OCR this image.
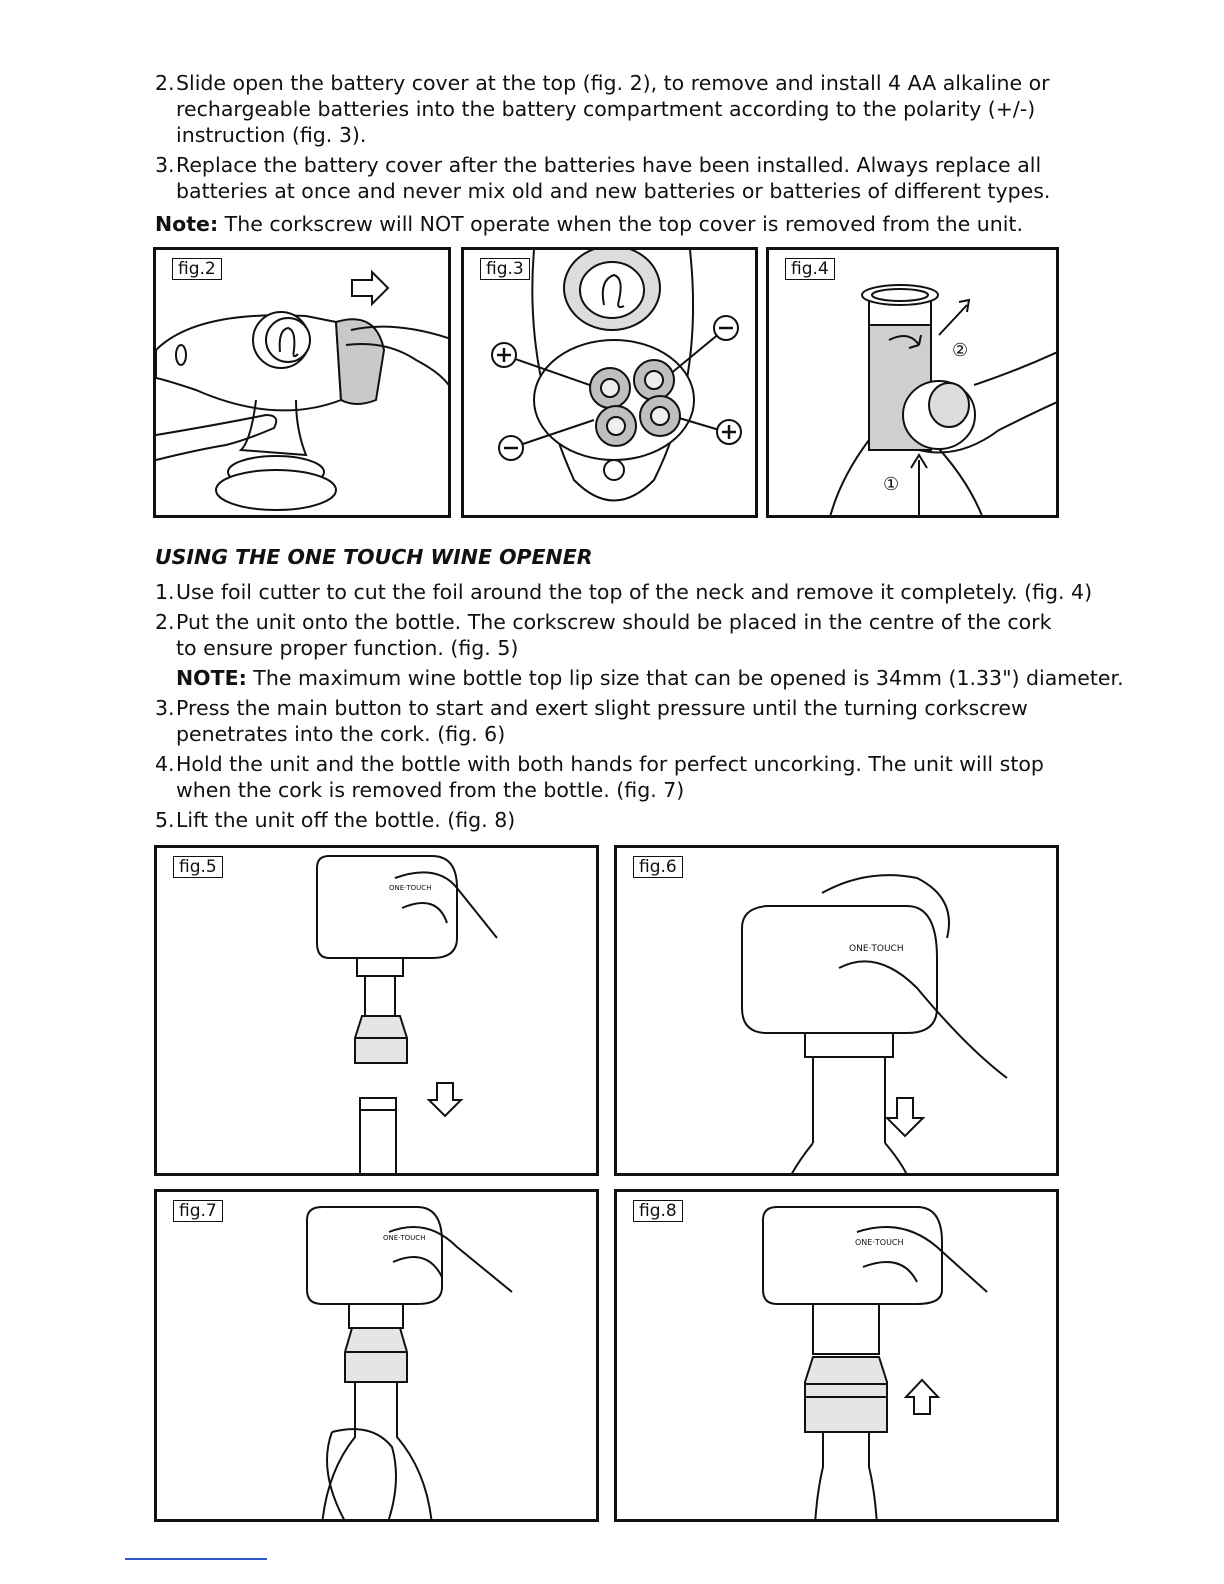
2. Slide open the battery cover at the top (fig. 2), to remove and install 4 AA alkaline or
rechargeable batteries into the battery compartment according to the polarity (+/-)
instruction (fig. 3).
3. Replace the battery cover after the batteries have been installed. Always replace all
batteries at once and never mix old and new batteries or batteries of different types.
Note: The corkscrew will NOT operate when the top cover is removed from the unit.
USING THE ONE TOUCH WINE OPENER
1. Use foil cutter to cut the foil around the top of the neck and remove it completely. (fig. 4)
2. Put the unit onto the bottle. The corkscrew should be placed in the centre of the cork
to ensure proper function. (fig. 5)
NOTE: The maximum wine bottle top lip size that can be opened is 34mm (1.33") diameter.
3. Press the main button to start and exert slight pressure until the turning corkscrew
penetrates into the cork. (fig. 6)
4. Hold the unit and the bottle with both hands for perfect uncorking. The unit will stop
when the cork is removed from the bottle. (fig. 7)
5. Lift the unit off the bottle. (fig. 8)
fig.2	fig.3
①
②
fig.4
ONE·TOUCH
fig.5
ONE·TOUCH
fig.6
ONE·TOUCH
fig.7
ONE·TOUCH
fig.8
